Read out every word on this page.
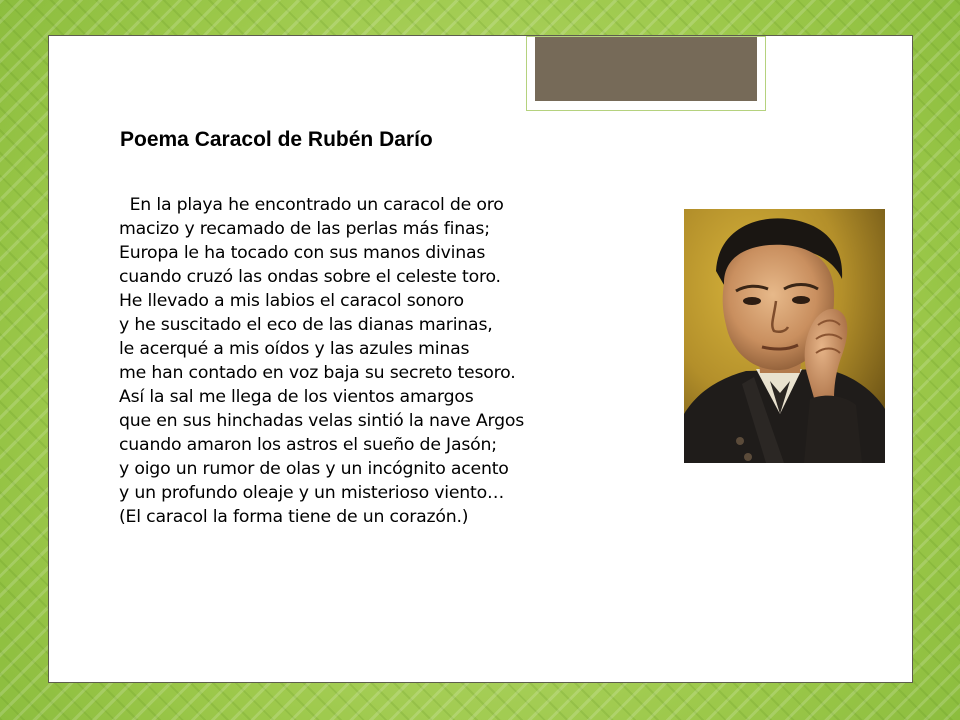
Poema Caracol de Rubén Darío
En la playa he encontrado un caracol de oro
macizo y recamado de las perlas más finas;
Europa le ha tocado con sus manos divinas
cuando cruzó las ondas sobre el celeste toro.
He llevado a mis labios el caracol sonoro
y he suscitado el eco de las dianas marinas,
le acerqué a mis oídos y las azules minas
me han contado en voz baja su secreto tesoro.
Así la sal me llega de los vientos amargos
que en sus hinchadas velas sintió la nave Argos
cuando amaron los astros el sueño de Jasón;
y oigo un rumor de olas y un incógnito acento
y un profundo oleaje y un misterioso viento…
(El caracol la forma tiene de un corazón.)
